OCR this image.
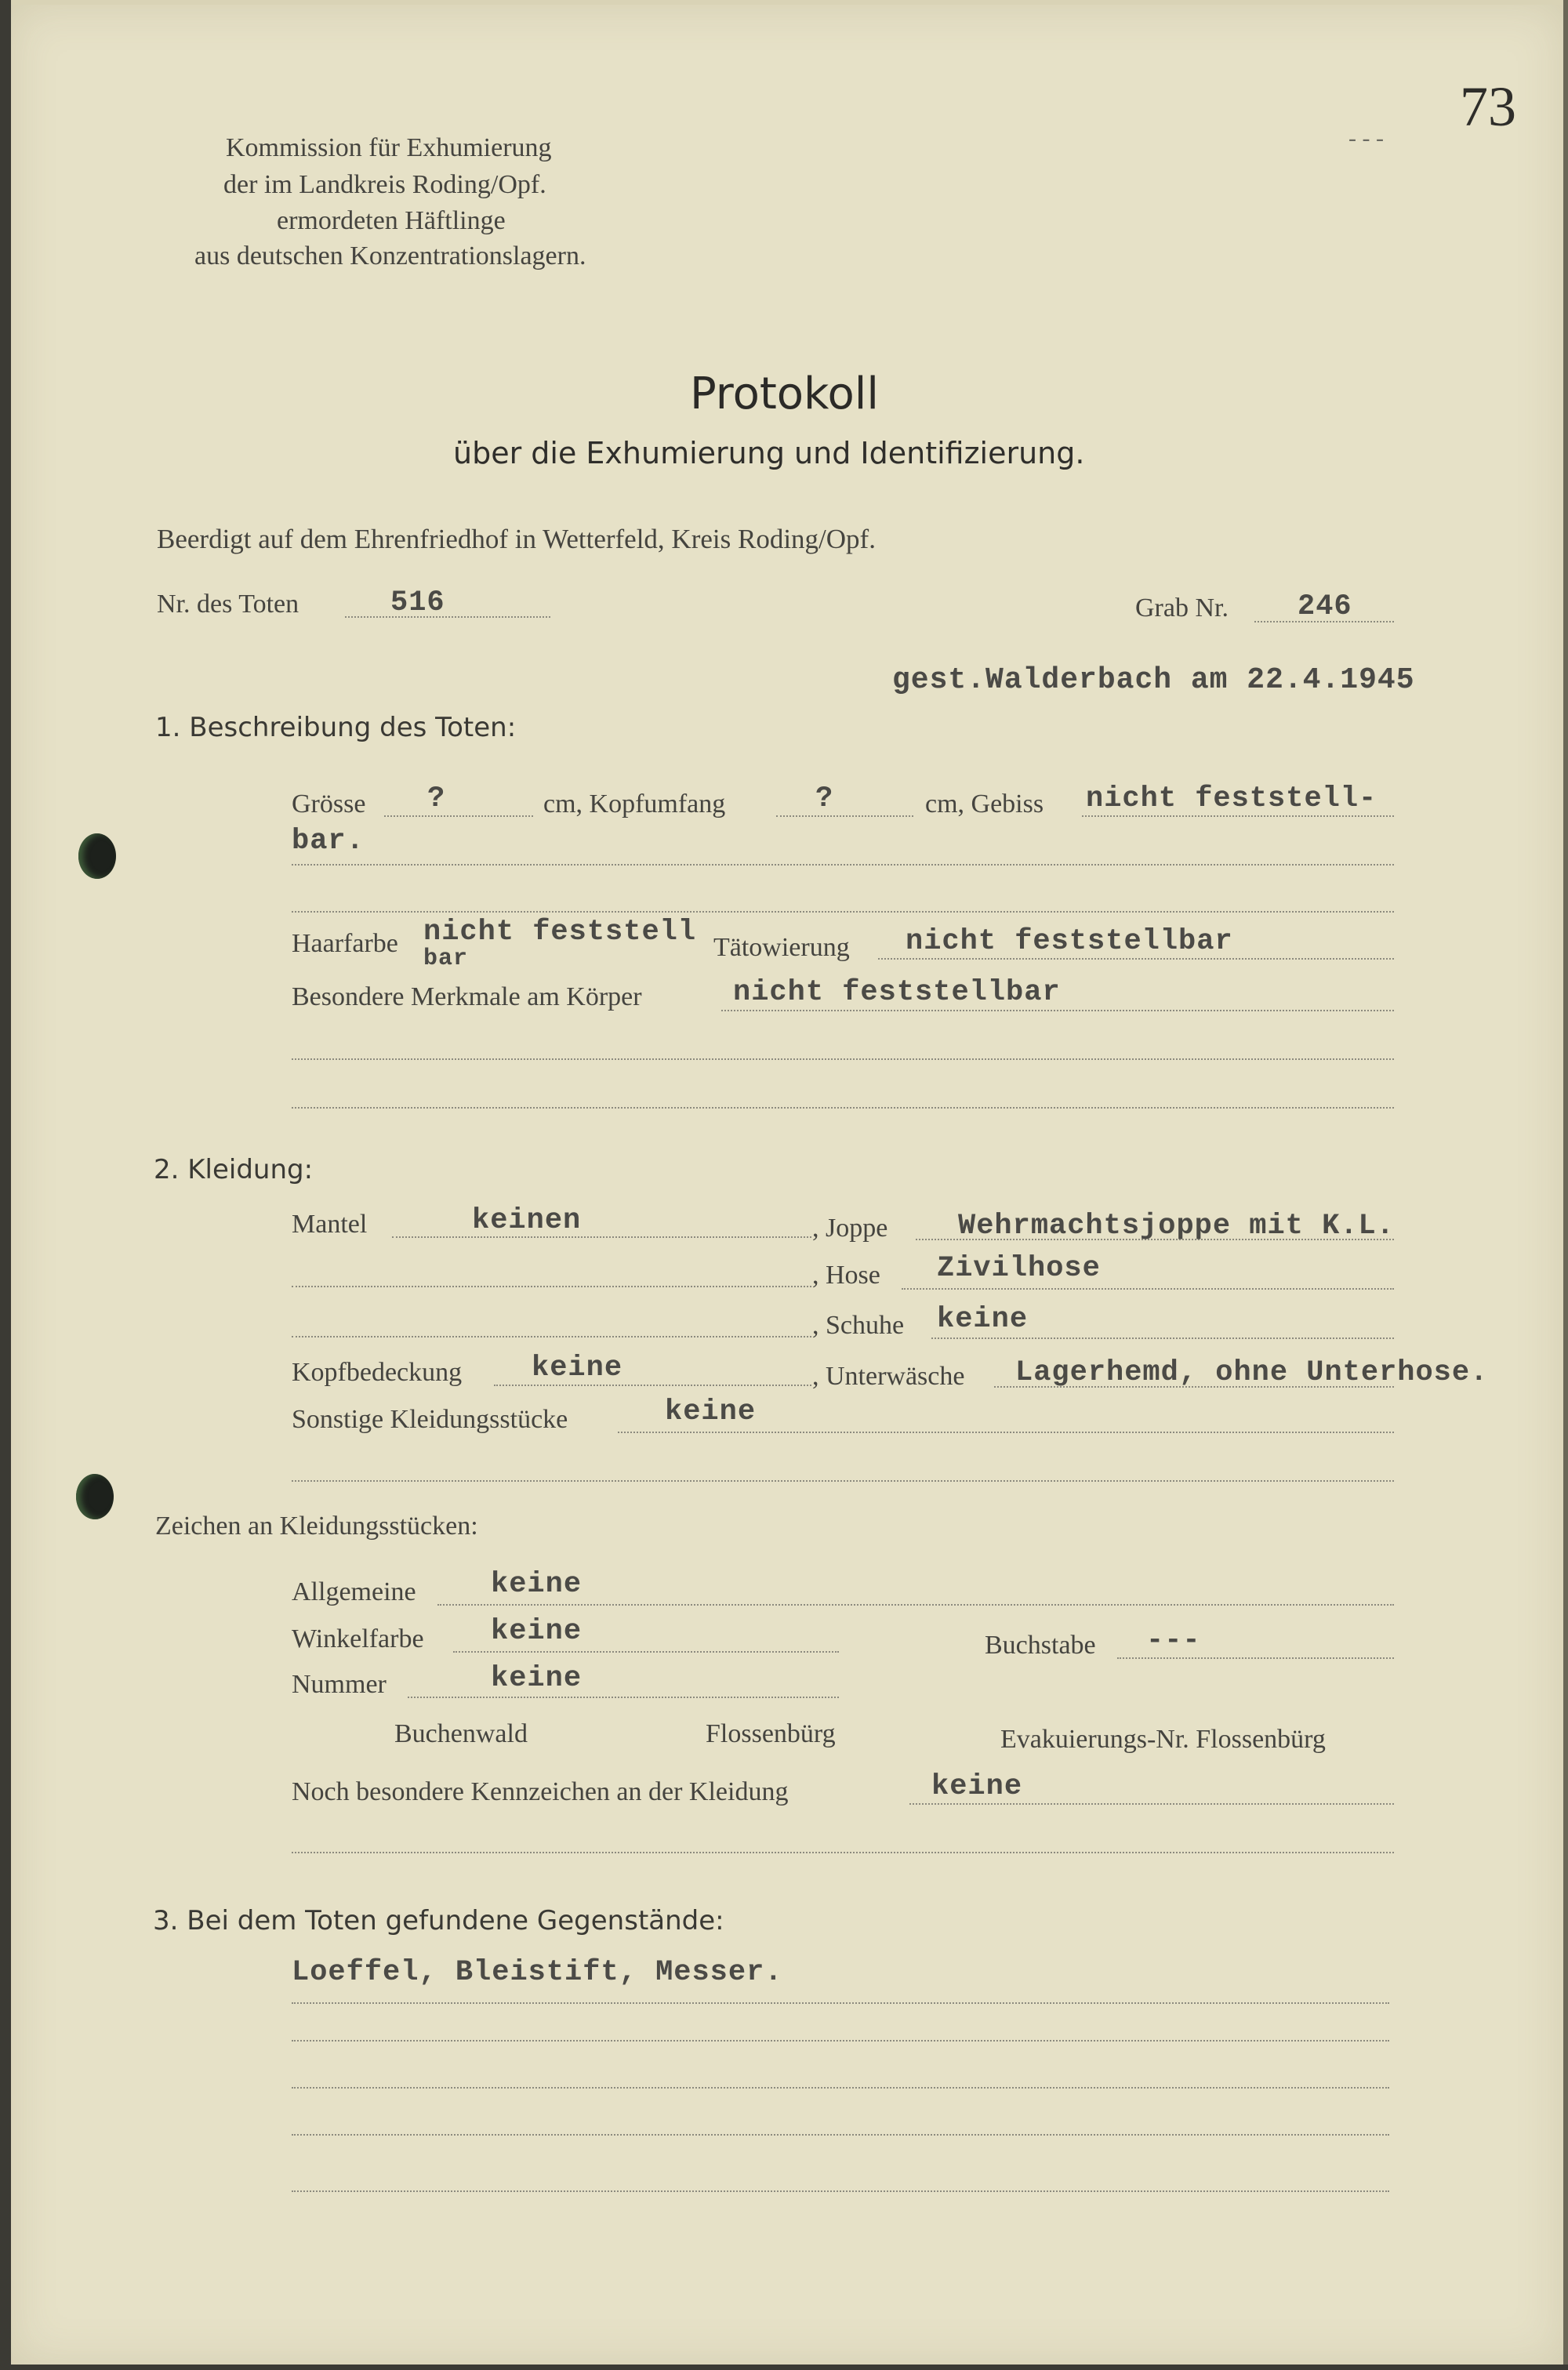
73
- - -
Kommission für Exhumierung
der im Landkreis Roding/Opf.
ermordeten Häftlinge
aus deutschen Konzentrationslagern.
Protokoll
über die Exhumierung und Identifizierung.
Beerdigt auf dem Ehrenfriedhof in Wetterfeld, Kreis Roding/Opf.
Nr. des Toten	516	Grab Nr. 246
gest.Walderbach am 22.4.1945
1. Beschreibung des Toten:
Grösse ?	cm, Kopfumfang	?	cm, Gebiss nicht feststell-
bar.
Haarfarbe nicht feststell
bar	Tätowierung nicht feststellbar
Besondere Merkmale am Körper	nicht feststellbar
2. Kleidung:
Mantel	keinen	, Joppe Wehrmachtsjoppe mit K.L.
, Hose Zivilhose
, Schuhe keine
Kopfbedeckung keine	, Unterwäsche Lagerhemd, ohne Unterhose.
Sonstige Kleidungsstücke	keine
Zeichen an Kleidungsstücken:
Allgemeine	keine
Winkelfarbe keine	Buchstabe ---
Nummer	keine
Buchenwald	Flossenbürg	Evakuierungs-Nr. Flossenbürg
Noch besondere Kennzeichen an der Kleidung	keine
3. Bei dem Toten gefundene Gegenstände:
Loeffel, Bleistift, Messer.
